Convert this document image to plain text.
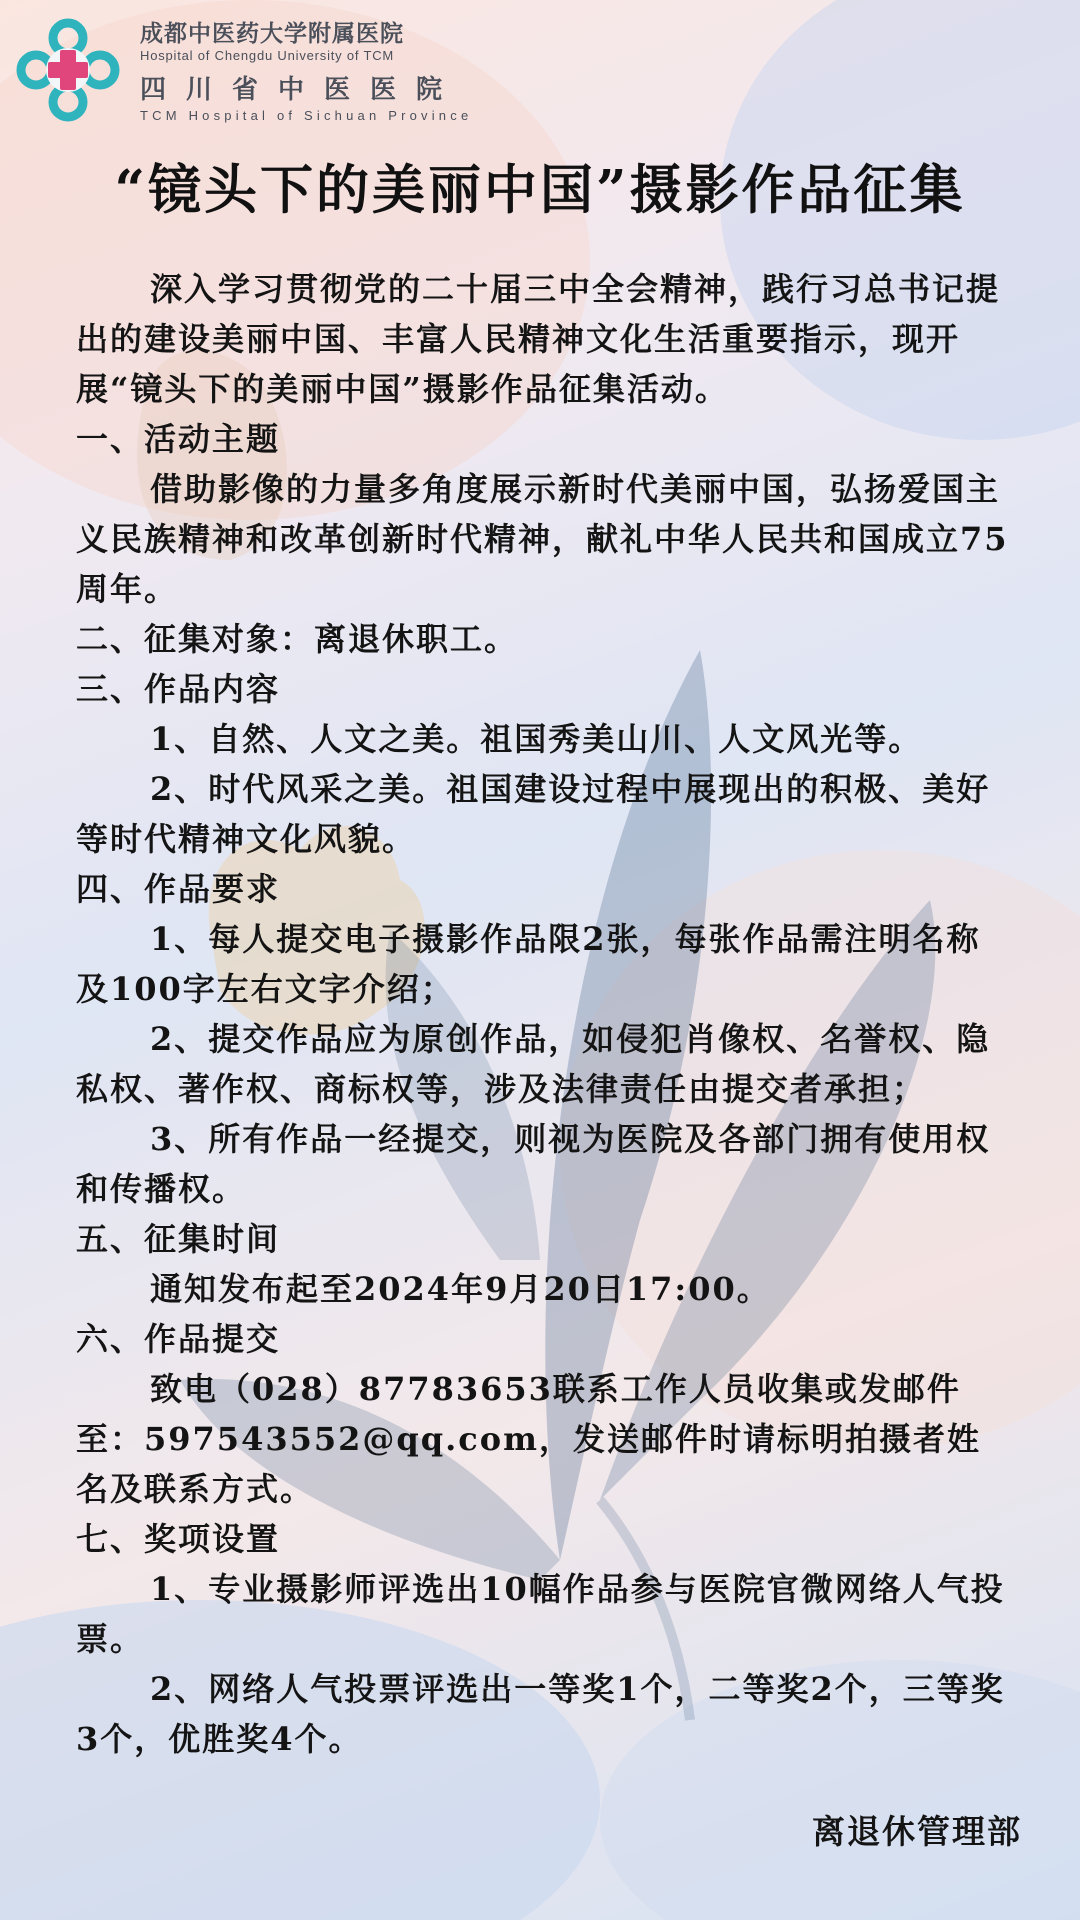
成都中医药大学附属医院
Hospital of Chengdu University of TCM
四川省中医医院
TCM Hospital of Sichuan Province
“镜头下的美丽中国”摄影作品征集

深入学习贯彻党的二十届三中全会精神，践行习总书记提出的建设美丽中国、丰富人民精神文化生活重要指示，现开展“镜头下的美丽中国”摄影作品征集活动。

一、活动主题

借助影像的力量多角度展示新时代美丽中国，弘扬爱国主义民族精神和改革创新时代精神，献礼中华人民共和国成立75周年。

二、征集对象：离退休职工。

三、作品内容

1、自然、人文之美。祖国秀美山川、人文风光等。

2、时代风采之美。祖国建设过程中展现出的积极、美好等时代精神文化风貌。

四、作品要求

1、每人提交电子摄影作品限2张，每张作品需注明名称及100字左右文字介绍；

2、提交作品应为原创作品，如侵犯肖像权、名誉权、隐私权、著作权、商标权等，涉及法律责任由提交者承担；

3、所有作品一经提交，则视为医院及各部门拥有使用权和传播权。

五、征集时间

通知发布起至2024年9月20日17:00。

六、作品提交

致电（028）87783653联系工作人员收集或发邮件至：597543552@qq.com，发送邮件时请标明拍摄者姓名及联系方式。

七、奖项设置

1、专业摄影师评选出10幅作品参与医院官微网络人气投票。

2、网络人气投票评选出一等奖1个，二等奖2个，三等奖3个，优胜奖4个。

离退休管理部
